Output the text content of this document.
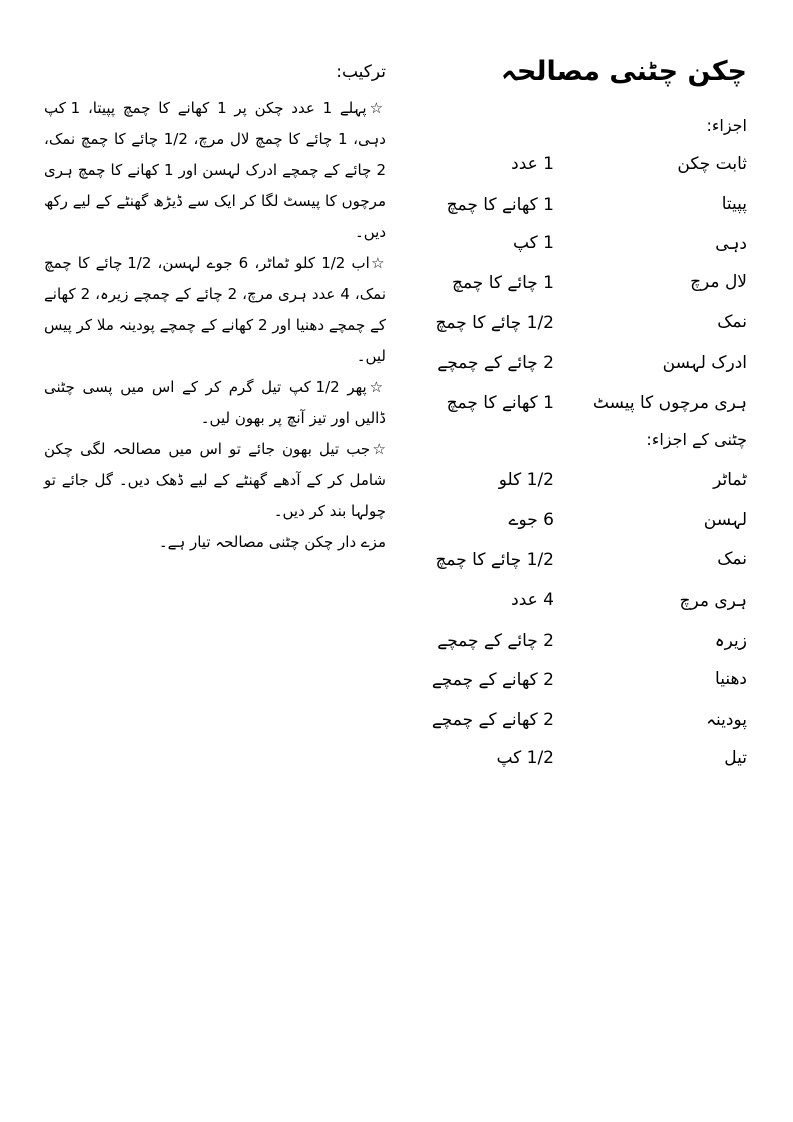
چکن چٹنی مصالحہ
اجزاء:
ثابت چکن
1 عدد
پپیتا
1 کھانے کا چمچ
دہی
1 کپ
لال مرچ
1 چائے کا چمچ
نمک
1/2 چائے کا چمچ
ادرک لہسن
2 چائے کے چمچے
ہری مرچوں کا پیسٹ
1 کھانے کا چمچ
چٹنی کے اجزاء:
ٹماٹر
1/2 کلو
لہسن
6 جوے
نمک
1/2 چائے کا چمچ
ہری مرچ
4 عدد
زیرہ
2 چائے کے چمچے
دھنیا
2 کھانے کے چمچے
پودینہ
2 کھانے کے چمچے
تیل
1/2 کپ
ترکیب:

☆پہلے 1 عدد چکن پر 1 کھانے کا چمچ پپیتا، 1 کپ دہی، 1 چائے کا چمچ لال مرچ، 1/2 چائے کا چمچ نمک، 2 چائے کے چمچے ادرک لہسن اور 1 کھانے کا چمچ ہری مرچوں کا پیسٹ لگا کر ایک سے ڈیڑھ گھنٹے کے لیے رکھ دیں۔

☆اب 1/2 کلو ٹماٹر، 6 جوے لہسن، 1/2 چائے کا چمچ نمک، 4 عدد ہری مرچ، 2 چائے کے چمچے زیرہ، 2 کھانے کے چمچے دھنیا اور 2 کھانے کے چمچے پودینہ ملا کر پیس لیں۔

☆پھر 1/2 کپ تیل گرم کر کے اس میں پسی چٹنی ڈالیں اور تیز آنچ پر بھون لیں۔

☆جب تیل بھون جائے تو اس میں مصالحہ لگی چکن شامل کر کے آدھے گھنٹے کے لیے ڈھک دیں۔ گل جائے تو چولہا بند کر دیں۔

مزے دار چکن چٹنی مصالحہ تیار ہے۔
